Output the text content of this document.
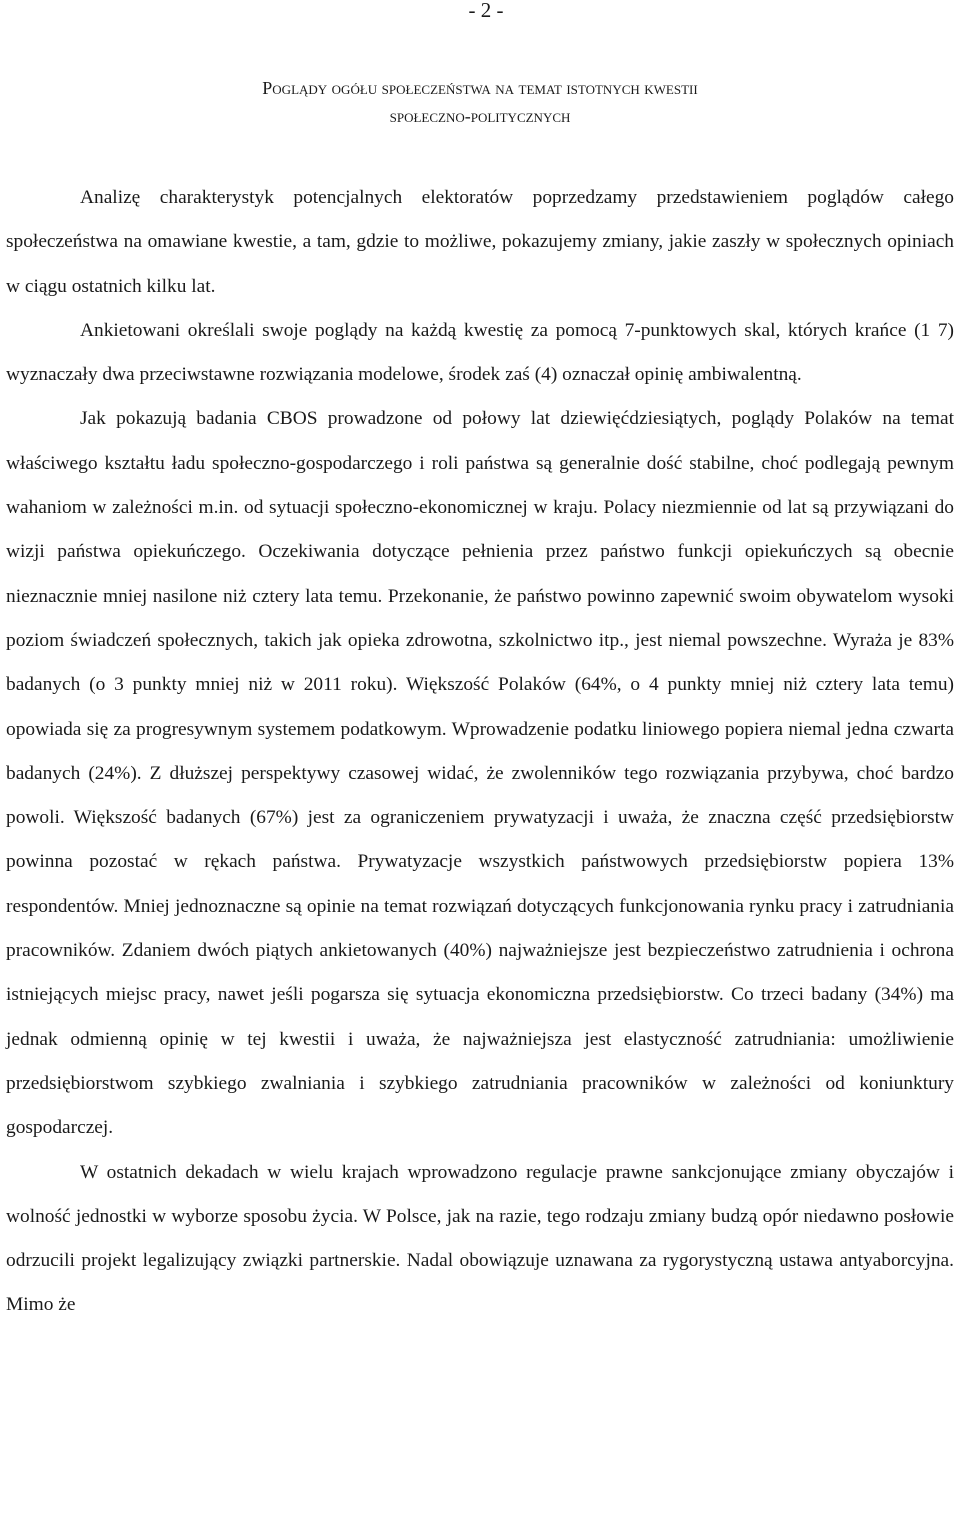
- 2 -
Poglądy ogółu społeczeństwa na temat istotnych kwestii
społeczno-politycznych

Analizę charakterystyk potencjalnych elektoratów poprzedzamy przedstawieniem poglądów całego społeczeństwa na omawiane kwestie, a tam, gdzie to możliwe, pokazujemy zmiany, jakie zaszły w społecznych opiniach w ciągu ostatnich kilku lat.

Ankietowani określali swoje poglądy na każdą kwestię za pomocą 7-punktowych skal, których krańce (1 7) wyznaczały dwa przeciwstawne rozwiązania modelowe, środek zaś (4) oznaczał opinię ambiwalentną.

Jak pokazują badania CBOS prowadzone od połowy lat dziewięćdziesiątych, poglądy Polaków na temat właściwego kształtu ładu społeczno-gospodarczego i roli państwa są generalnie dość stabilne, choć podlegają pewnym wahaniom w zależności m.in. od sytuacji społeczno-ekonomicznej w kraju. Polacy niezmiennie od lat są przywiązani do wizji państwa opiekuńczego. Oczekiwania dotyczące pełnienia przez państwo funkcji opiekuńczych są obecnie nieznacznie mniej nasilone niż cztery lata temu. Przekonanie, że państwo powinno zapewnić swoim obywatelom wysoki poziom świadczeń społecznych, takich jak opieka zdrowotna, szkolnictwo itp., jest niemal powszechne. Wyraża je 83% badanych (o 3 punkty mniej niż w 2011 roku). Większość Polaków (64%, o 4 punkty mniej niż cztery lata temu) opowiada się za progresywnym systemem podatkowym. Wprowadzenie podatku liniowego popiera niemal jedna czwarta badanych (24%). Z dłuższej perspektywy czasowej widać, że zwolenników tego rozwiązania przybywa, choć bardzo powoli. Większość badanych (67%) jest za ograniczeniem prywatyzacji i uważa, że znaczna część przedsiębiorstw powinna pozostać w rękach państwa. Prywatyzacje wszystkich państwowych przedsiębiorstw popiera 13% respondentów. Mniej jednoznaczne są opinie na temat rozwiązań dotyczących funkcjonowania rynku pracy i zatrudniania pracowników. Zdaniem dwóch piątych ankietowanych (40%) najważniejsze jest bezpieczeństwo zatrudnienia i ochrona istniejących miejsc pracy, nawet jeśli pogarsza się sytuacja ekonomiczna przedsiębiorstw. Co trzeci badany (34%) ma jednak odmienną opinię w tej kwestii i uważa, że najważniejsza jest elastyczność zatrudniania: umożliwienie przedsiębiorstwom szybkiego zwalniania i szybkiego zatrudniania pracowników w zależności od koniunktury gospodarczej.

W ostatnich dekadach w wielu krajach wprowadzono regulacje prawne sankcjonujące zmiany obyczajów i wolność jednostki w wyborze sposobu życia. W Polsce, jak na razie, tego rodzaju zmiany budzą opór niedawno posłowie odrzucili projekt legalizujący związki partnerskie. Nadal obowiązuje uznawana za rygorystyczną ustawa antyaborcyjna. Mimo że
